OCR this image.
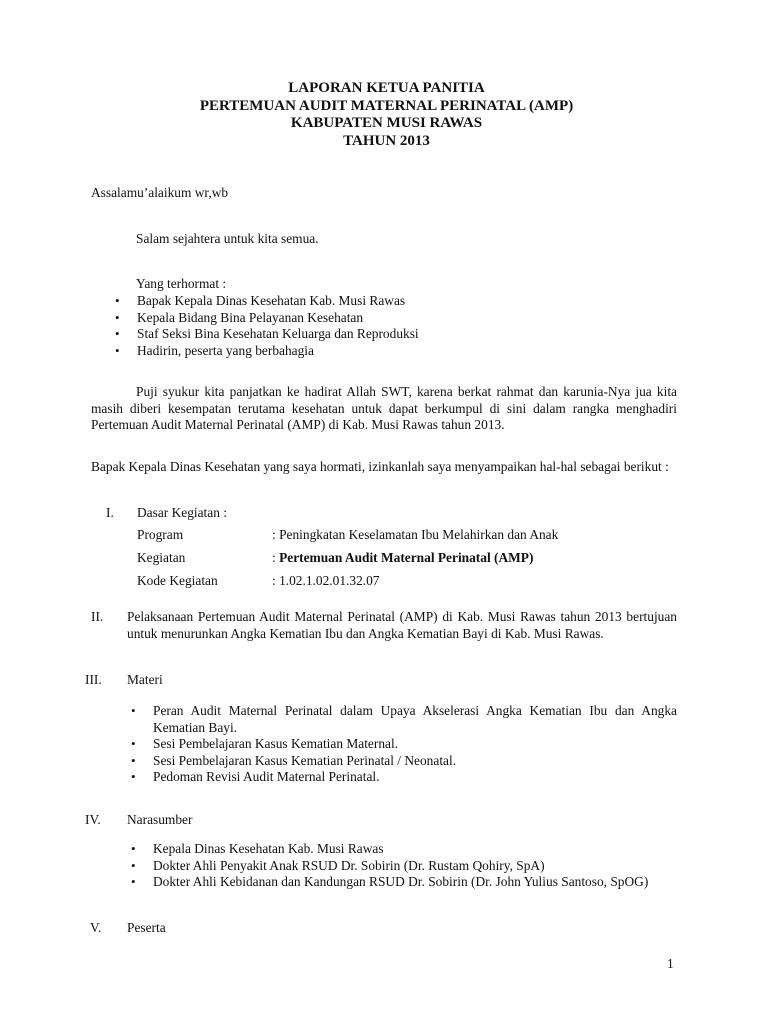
LAPORAN KETUA PANITIA
PERTEMUAN AUDIT MATERNAL PERINATAL (AMP)
KABUPATEN MUSI RAWAS
TAHUN 2013
Assalamu’alaikum wr,wb
Salam sejahtera untuk kita semua.
Yang terhormat :
• Bapak Kepala Dinas Kesehatan Kab. Musi Rawas
• Kepala Bidang Bina Pelayanan Kesehatan
• Staf Seksi Bina Kesehatan Keluarga dan Reproduksi
• Hadirin, peserta yang berbahagia
Puji syukur kita panjatkan ke hadirat Allah SWT, karena berkat rahmat dan karunia-Nya jua kita masih diberi kesempatan terutama kesehatan untuk dapat berkumpul di sini dalam rangka menghadiri Pertemuan Audit Maternal Perinatal (AMP) di Kab. Musi Rawas tahun 2013.
Bapak Kepala Dinas Kesehatan yang saya hormati, izinkanlah saya menyampaikan hal-hal sebagai berikut :
I. Dasar Kegiatan :
Program	: Peningkatan Keselamatan Ibu Melahirkan dan Anak
Kegiatan	: Pertemuan Audit Maternal Perinatal (AMP)
Kode Kegiatan	: 1.02.1.02.01.32.07
II. Pelaksanaan Pertemuan Audit Maternal Perinatal (AMP) di Kab. Musi Rawas tahun 2013 bertujuan untuk menurunkan Angka Kematian Ibu dan Angka Kematian Bayi di Kab. Musi Rawas.
III. Materi
• Peran Audit Maternal Perinatal dalam Upaya Akselerasi Angka Kematian Ibu dan Angka Kematian Bayi.
• Sesi Pembelajaran Kasus Kematian Maternal.
• Sesi Pembelajaran Kasus Kematian Perinatal / Neonatal.
• Pedoman Revisi Audit Maternal Perinatal.
IV. Narasumber
• Kepala Dinas Kesehatan Kab. Musi Rawas
• Dokter Ahli Penyakit Anak RSUD Dr. Sobirin (Dr. Rustam Qohiry, SpA)
• Dokter Ahli Kebidanan dan Kandungan RSUD Dr. Sobirin (Dr. John Yulius Santoso, SpOG)
V. Peserta
1
